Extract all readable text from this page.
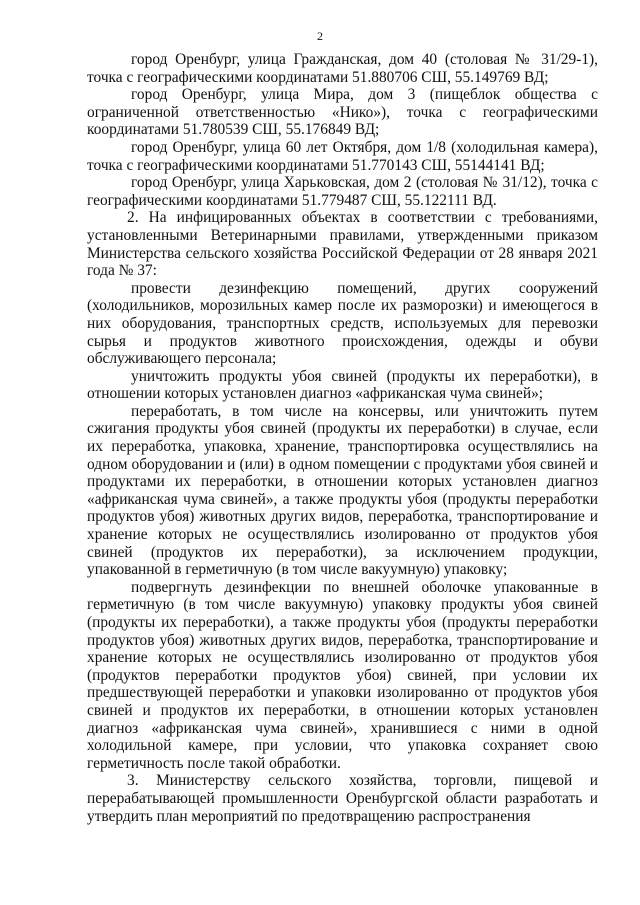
2

город Оренбург, улица Гражданская, дом 40 (столовая № 31/29-1), точка с географическими координатами 51.880706 СШ, 55.149769 ВД;

город Оренбург, улица Мира, дом 3 (пищеблок общества с ограниченной ответственностью «Нико»), точка с географическими координатами 51.780539 СШ, 55.176849 ВД;

город Оренбург, улица 60 лет Октября, дом 1/8 (холодильная камера), точка с географическими координатами 51.770143 СШ, 55144141 ВД;

город Оренбург, улица Харьковская, дом 2 (столовая № 31/12), точка с географическими координатами 51.779487 СШ, 55.122111 ВД.

2. На инфицированных объектах в соответствии с требованиями, установленными Ветеринарными правилами, утвержденными приказом Министерства сельского хозяйства Российской Федерации от 28 января 2021 года № 37:

провести дезинфекцию помещений, других сооружений (холодильников, морозильных камер после их разморозки) и имеющегося в них оборудования, транспортных средств, используемых для перевозки сырья и продуктов животного происхождения, одежды и обуви обслуживающего персонала;

уничтожить продукты убоя свиней (продукты их переработки), в отношении которых установлен диагноз «африканская чума свиней»;

переработать, в том числе на консервы, или уничтожить путем сжигания продукты убоя свиней (продукты их переработки) в случае, если их переработка, упаковка, хранение, транспортировка осуществлялись на одном оборудовании и (или) в одном помещении с продуктами убоя свиней и продуктами их переработки, в отношении которых установлен диагноз «африканская чума свиней», а также продукты убоя (продукты переработки продуктов убоя) животных других видов, переработка, транспортирование и хранение которых не осуществлялись изолированно от продуктов убоя свиней (продуктов их переработки), за исключением продукции, упакованной в герметичную (в том числе вакуумную) упаковку;

подвергнуть дезинфекции по внешней оболочке упакованные в герметичную (в том числе вакуумную) упаковку продукты убоя свиней (продукты их переработки), а также продукты убоя (продукты переработки продуктов убоя) животных других видов, переработка, транспортирование и хранение которых не осуществлялись изолированно от продуктов убоя (продуктов переработки продуктов убоя) свиней, при условии их предшествующей переработки и упаковки изолированно от продуктов убоя свиней и продуктов их переработки, в отношении которых установлен диагноз «африканская чума свиней», хранившиеся с ними в одной холодильной камере, при условии, что упаковка сохраняет свою герметичность после такой обработки.

3. Министерству сельского хозяйства, торговли, пищевой и перерабатывающей промышленности Оренбургской области разработать и утвердить план мероприятий по предотвращению распространения
